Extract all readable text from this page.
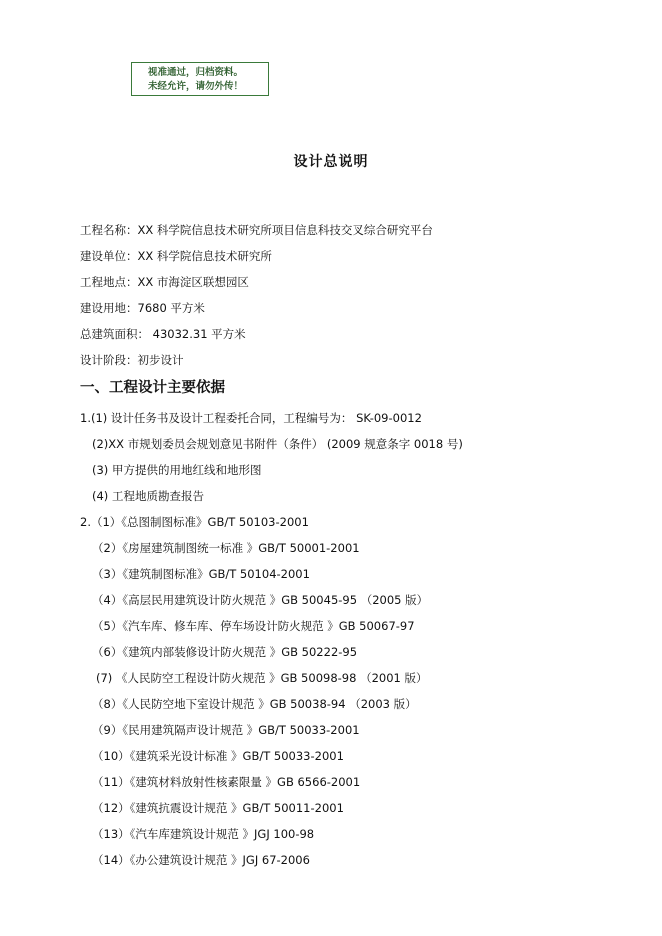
视准通过，归档资料。
未经允许，请勿外传！
设计总说明
工程名称：XX 科学院信息技术研究所项目信息科技交叉综合研究平台
建设单位：XX 科学院信息技术研究所
工程地点：XX 市海淀区联想园区
建设用地：7680 平方米
总建筑面积： 43032.31 平方米
设计阶段：初步设计
一、工程设计主要依据
1.(1) 设计任务书及设计工程委托合同，工程编号为： SK-09-0012
(2)XX 市规划委员会规划意见书附件（条件） (2009 规意条字 0018 号)
(3) 甲方提供的用地红线和地形图
(4) 工程地质勘查报告
2.（1）《总图制图标准》GB/T 50103-2001
（2）《房屋建筑制图统一标准 》GB/T 50001-2001
（3）《建筑制图标准》GB/T 50104-2001
（4）《高层民用建筑设计防火规范 》GB 50045-95 （2005 版）
（5）《汽车库、修车库、停车场设计防火规范 》GB 50067-97
（6）《建筑内部装修设计防火规范 》GB 50222-95
(7) 《人民防空工程设计防火规范 》GB 50098-98 （2001 版）
（8）《人民防空地下室设计规范 》GB 50038-94 （2003 版）
（9）《民用建筑隔声设计规范 》GB/T 50033-2001
（10）《建筑采光设计标准 》GB/T 50033-2001
（11）《建筑材料放射性核素限量 》GB 6566-2001
（12）《建筑抗震设计规范 》GB/T 50011-2001
（13）《汽车库建筑设计规范 》JGJ 100-98
（14）《办公建筑设计规范 》JGJ 67-2006
